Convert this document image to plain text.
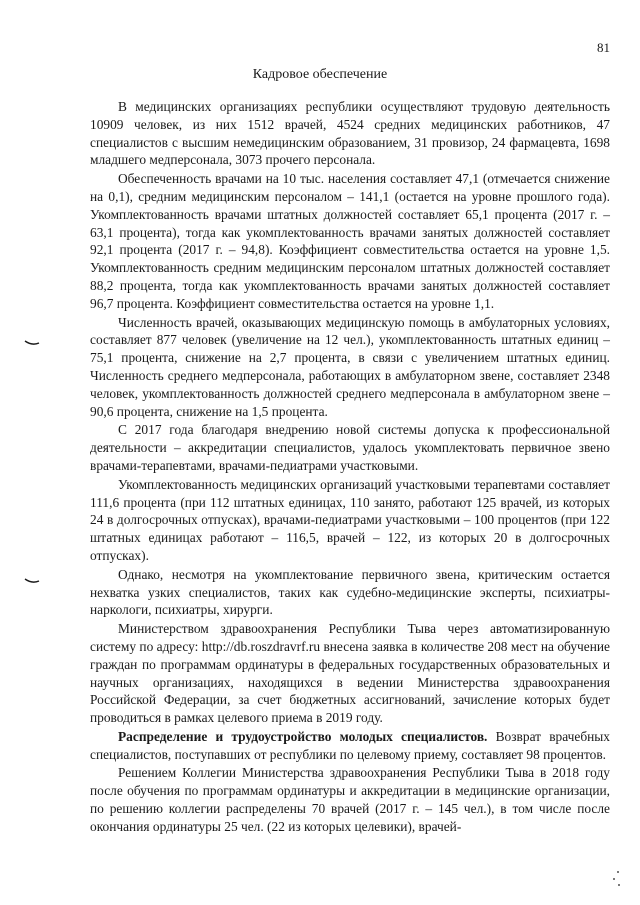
81
Кадровое обеспечение

В медицинских организациях республики осуществляют трудовую деятельность 10909 человек, из них 1512 врачей, 4524 средних медицинских работников, 47 специалистов с высшим немедицинским образованием, 31 провизор, 24 фармацевта, 1698 младшего медперсонала, 3073 прочего персонала.

Обеспеченность врачами на 10 тыс. населения составляет 47,1 (отмечается снижение на 0,1), средним медицинским персоналом – 141,1 (остается на уровне прошлого года). Укомплектованность врачами штатных должностей составляет 65,1 процента (2017 г. – 63,1 процента), тогда как укомплектованность врачами занятых должностей составляет 92,1 процента (2017 г. – 94,8). Коэффициент совместительства остается на уровне 1,5. Укомплектованность средним медицинским персоналом штатных должностей составляет 88,2 процента, тогда как укомплектованность врачами занятых должностей составляет 96,7 процента. Коэффициент совместительства остается на уровне 1,1.

Численность врачей, оказывающих медицинскую помощь в амбулаторных условиях, составляет 877 человек (увеличение на 12 чел.), укомплектованность штатных единиц – 75,1 процента, снижение на 2,7 процента, в связи с увеличением штатных единиц. Численность среднего медперсонала, работающих в амбулаторном звене, составляет 2348 человек, укомплектованность должностей среднего медперсонала в амбулаторном звене – 90,6 процента, снижение на 1,5 процента.

С 2017 года благодаря внедрению новой системы допуска к профессиональной деятельности – аккредитации специалистов, удалось укомплектовать первичное звено врачами-терапевтами, врачами-педиатрами участковыми.

Укомплектованность медицинских организаций участковыми терапевтами составляет 111,6 процента (при 112 штатных единицах, 110 занято, работают 125 врачей, из которых 24 в долгосрочных отпусках), врачами-педиатрами участковыми – 100 процентов (при 122 штатных единицах работают – 116,5, врачей – 122, из которых 20 в долгосрочных отпусках).

Однако, несмотря на укомплектование первичного звена, критическим остается нехватка узких специалистов, таких как судебно-медицинские эксперты, психиатры-наркологи, психиатры, хирурги.

Министерством здравоохранения Республики Тыва через автоматизированную систему по адресу: http://db.roszdravrf.ru внесена заявка в количестве 208 мест на обучение граждан по программам ординатуры в федеральных государственных образовательных и научных организациях, находящихся в ведении Министерства здравоохранения Российской Федерации, за счет бюджетных ассигнований, зачисление которых будет проводиться в рамках целевого приема в 2019 году.

Распределение и трудоустройство молодых специалистов. Возврат врачебных специалистов, поступавших от республики по целевому приему, составляет 98 процентов.

Решением Коллегии Министерства здравоохранения Республики Тыва в 2018 году после обучения по программам ординатуры и аккредитации в медицинские организации, по решению коллегии распределены 70 врачей (2017 г. – 145 чел.), в том числе после окончания ординатуры 25 чел. (22 из которых целевики), врачей-
